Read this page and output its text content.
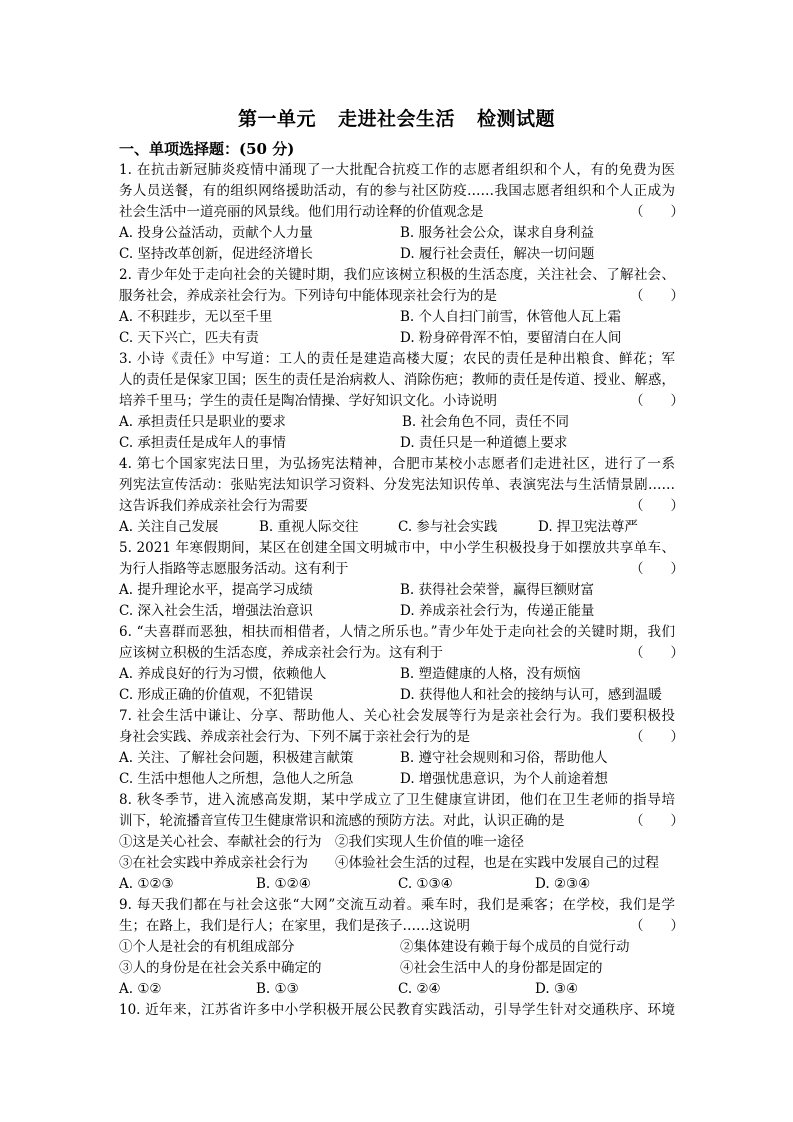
第一单元 走进社会生活 检测试题
一、单项选择题：(50 分)
1. 在抗击新冠肺炎疫情中涌现了一大批配合抗疫工作的志愿者组织和个人，有的免费为医
务人员送餐，有的组织网络援助活动，有的参与社区防疫……我国志愿者组织和个人正成为
社会生活中一道亮丽的风景线。他们用行动诠释的价值观念是	（　　）
A. 投身公益活动，贡献个人力量	B. 服务社会公众，谋求自身利益
C. 坚持改革创新，促进经济增长	D. 履行社会责任，解决一切问题
2. 青少年处于走向社会的关键时期，我们应该树立积极的生活态度，关注社会、了解社会、
服务社会，养成亲社会行为。下列诗句中能体现亲社会行为的是	（　　）
A. 不积跬步，无以至千里	B. 个人自扫门前雪，休管他人瓦上霜
C. 天下兴亡，匹夫有责	D. 粉身碎骨浑不怕，要留清白在人间
3. 小诗《责任》中写道：工人的责任是建造高楼大厦；农民的责任是种出粮食、鲜花；军
人的责任是保家卫国；医生的责任是治病救人、消除伤疤；教师的责任是传道、授业、解惑，
培养千里马；学生的责任是陶冶情操、学好知识文化。小诗说明	（　　）
A. 承担责任只是职业的要求	B. 社会角色不同，责任不同
C. 承担责任是成年人的事情	D. 责任只是一种道德上要求
4. 第七个国家宪法日里，为弘扬宪法精神，合肥市某校小志愿者们走进社区，进行了一系
列宪法宣传活动：张贴宪法知识学习资料、分发宪法知识传单、表演宪法与生活情景剧……
这告诉我们养成亲社会行为需要	（　　）
A. 关注自己发展	B. 重视人际交往	C. 参与社会实践	D. 捍卫宪法尊严
5. 2021 年寒假期间，某区在创建全国文明城市中，中小学生积极投身于如摆放共享单车、
为行人指路等志愿服务活动。这有利于	（　　）
A. 提升理论水平，提高学习成绩	B. 获得社会荣誉，赢得巨额财富
C. 深入社会生活，增强法治意识	D. 养成亲社会行为，传递正能量
6. “夫喜群而恶独，相扶而相借者，人情之所乐也。”青少年处于走向社会的关键时期，我们
应该树立积极的生活态度，养成亲社会行为。这有利于	（　　）
A. 养成良好的行为习惯，依赖他人	B. 塑造健康的人格，没有烦恼
C. 形成正确的价值观，不犯错误	D. 获得他人和社会的接纳与认可，感到温暖
7. 社会生活中谦让、分享、帮助他人、关心社会发展等行为是亲社会行为。我们要积极投
身社会实践、养成亲社会行为、下列不属于亲社会行为的是	（　　）
A. 关注、了解社会问题，积极建言献策	B. 遵守社会规则和习俗，帮助他人
C. 生活中想他人之所想，急他人之所急	D. 增强忧患意识，为个人前途着想
8. 秋冬季节，进入流感高发期，某中学成立了卫生健康宣讲团，他们在卫生老师的指导培
训下，轮流播音宣传卫生健康常识和流感的预防方法。对此，认识正确的是	（　　）
①这是关心社会、奉献社会的行为　②我们实现人生价值的唯一途径
③在社会实践中养成亲社会行为　　④体验社会生活的过程，也是在实践中发展自己的过程
A. ①②③	B. ①②④	C. ①③④	D. ②③④
9. 每天我们都在与社会这张“大网”交流互动着。乘车时，我们是乘客；在学校，我们是学
生；在路上，我们是行人；在家里，我们是孩子……这说明	（　　）
①个人是社会的有机组成部分	②集体建设有赖于每个成员的自觉行动
③人的身份是在社会关系中确定的	④社会生活中人的身份都是固定的
A. ①②	B. ①③	C. ②④	D. ③④
10. 近年来，江苏省许多中小学积极开展公民教育实践活动，引导学生针对交通秩序、环境
